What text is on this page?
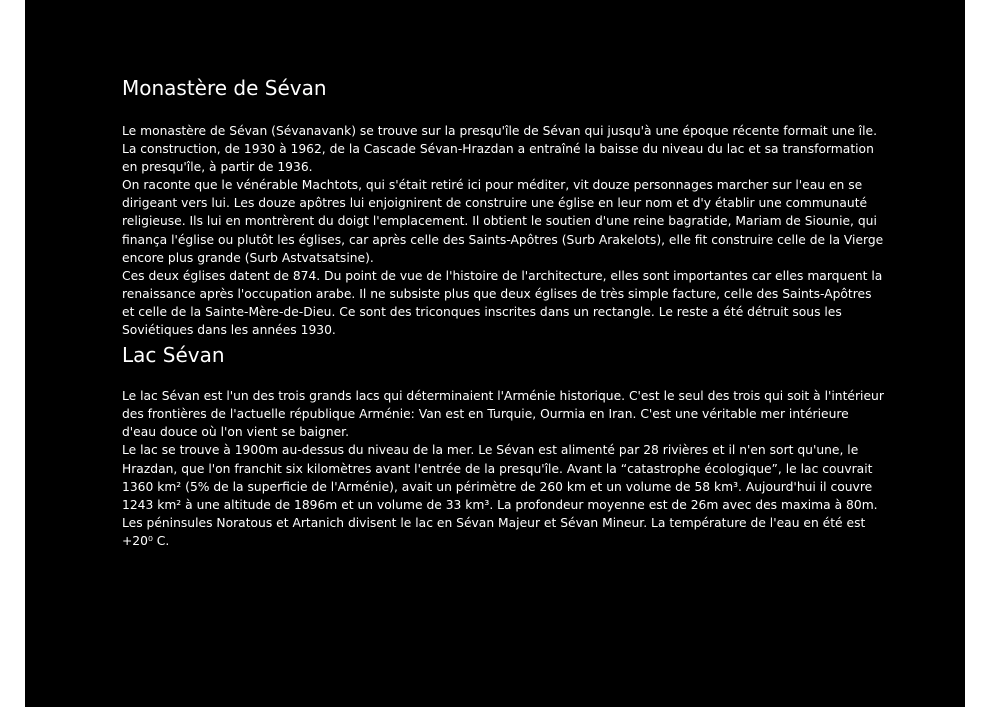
Monastère de Sévan

Le monastère de Sévan (Sévanavank) se trouve sur la presqu'île de Sévan qui jusqu'à une époque récente formait une île. La construction, de 1930 à 1962, de la Cascade Sévan-Hrazdan a entraîné la baisse du niveau du lac et sa transformation en presqu'île, à partir de 1936.

On raconte que le vénérable Machtots, qui s'était retiré ici pour méditer, vit douze personnages marcher sur l'eau en se dirigeant vers lui. Les douze apôtres lui enjoignirent de construire une église en leur nom et d'y établir une communauté religieuse. Ils lui en montrèrent du doigt l'emplacement. Il obtient le soutien d'une reine bagratide, Mariam de Siounie, qui finança l'église ou plutôt les églises, car après celle des Saints-Apôtres (Surb Arakelots), elle fit construire celle de la Vierge encore plus grande (Surb Astvatsatsine).

Ces deux églises datent de 874. Du point de vue de l'histoire de l'architecture, elles sont importantes car elles marquent la renaissance après l'occupation arabe. Il ne subsiste plus que deux églises de très simple facture, celle des Saints-Apôtres et celle de la Sainte-Mère-de-Dieu. Ce sont des triconques inscrites dans un rectangle. Le reste a été détruit sous les Soviétiques dans les années 1930.

Lac Sévan

Le lac Sévan est l'un des trois grands lacs qui déterminaient l'Arménie historique. C'est le seul des trois qui soit à l'intérieur des frontières de l'actuelle république Arménie: Van est en Turquie, Ourmia en Iran. C'est une véritable mer intérieure d'eau douce où l'on vient se baigner.

Le lac se trouve à 1900m au-dessus du niveau de la mer. Le Sévan est alimenté par 28 rivières et il n'en sort qu'une, le Hrazdan, que l'on franchit six kilomètres avant l'entrée de la presqu'île. Avant la “catastrophe écologique”, le lac couvrait 1360 km² (5% de la superficie de l'Arménie), avait un périmètre de 260 km et un volume de 58 km³. Aujourd'hui il couvre 1243 km² à une altitude de 1896m et un volume de 33 km³. La profondeur moyenne est de 26m avec des maxima à 80m. Les péninsules Noratous et Artanich divisent le lac en Sévan Majeur et Sévan Mineur. La température de l'eau en été est +20⁰ C.
